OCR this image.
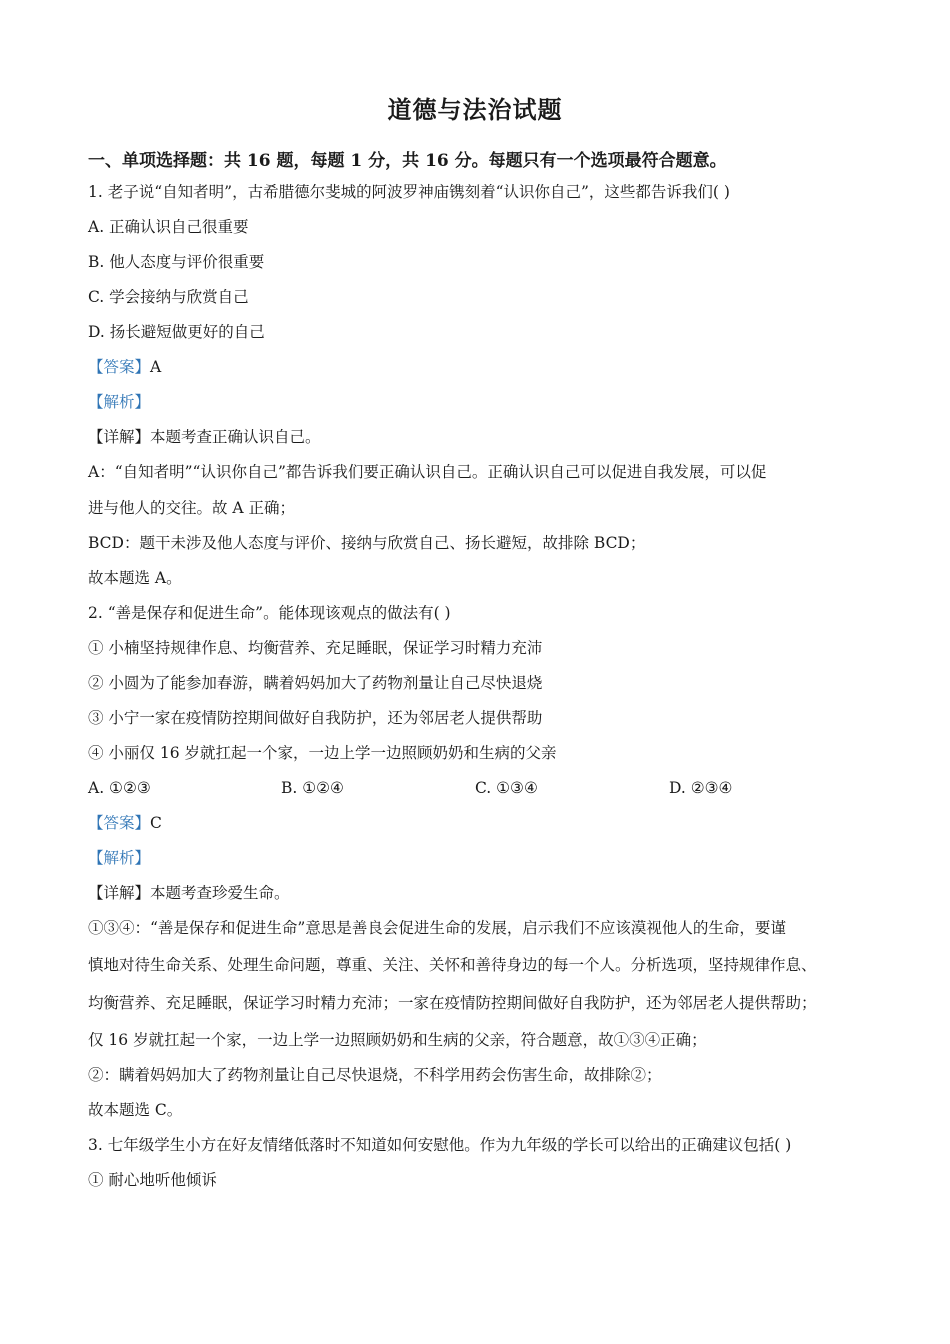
道德与法治试题
一、单项选择题：共 16 题，每题 1 分，共 16 分。每题只有一个选项最符合题意。
1. 老子说“自知者明”，古希腊德尔斐城的阿波罗神庙镌刻着“认识你自己”，这些都告诉我们( )
A. 正确认识自己很重要
B. 他人态度与评价很重要
C. 学会接纳与欣赏自己
D. 扬长避短做更好的自己
【答案】A
【解析】
【详解】本题考查正确认识自己。
A：“自知者明”“认识你自己”都告诉我们要正确认识自己。正确认识自己可以促进自我发展，可以促
进与他人的交往。故 A 正确；
BCD：题干未涉及他人态度与评价、接纳与欣赏自己、扬长避短，故排除 BCD；
故本题选 A。
2. “善是保存和促进生命”。能体现该观点的做法有( )
① 小楠坚持规律作息、均衡营养、充足睡眠，保证学习时精力充沛
② 小圆为了能参加春游，瞒着妈妈加大了药物剂量让自己尽快退烧
③ 小宁一家在疫情防控期间做好自我防护，还为邻居老人提供帮助
④ 小丽仅 16 岁就扛起一个家，一边上学一边照顾奶奶和生病的父亲
A. ①②③	B. ①②④	C. ①③④	D. ②③④
【答案】C
【解析】
【详解】本题考查珍爱生命。
①③④：“善是保存和促进生命”意思是善良会促进生命的发展，启示我们不应该漠视他人的生命，要谨
慎地对待生命关系、处理生命问题，尊重、关注、关怀和善待身边的每一个人。分析选项，坚持规律作息、
均衡营养、充足睡眠，保证学习时精力充沛；一家在疫情防控期间做好自我防护，还为邻居老人提供帮助；
仅 16 岁就扛起一个家，一边上学一边照顾奶奶和生病的父亲，符合题意，故①③④正确；
②：瞒着妈妈加大了药物剂量让自己尽快退烧，不科学用药会伤害生命，故排除②；
故本题选 C。
3. 七年级学生小方在好友情绪低落时不知道如何安慰他。作为九年级的学长可以给出的正确建议包括( )
① 耐心地听他倾诉
